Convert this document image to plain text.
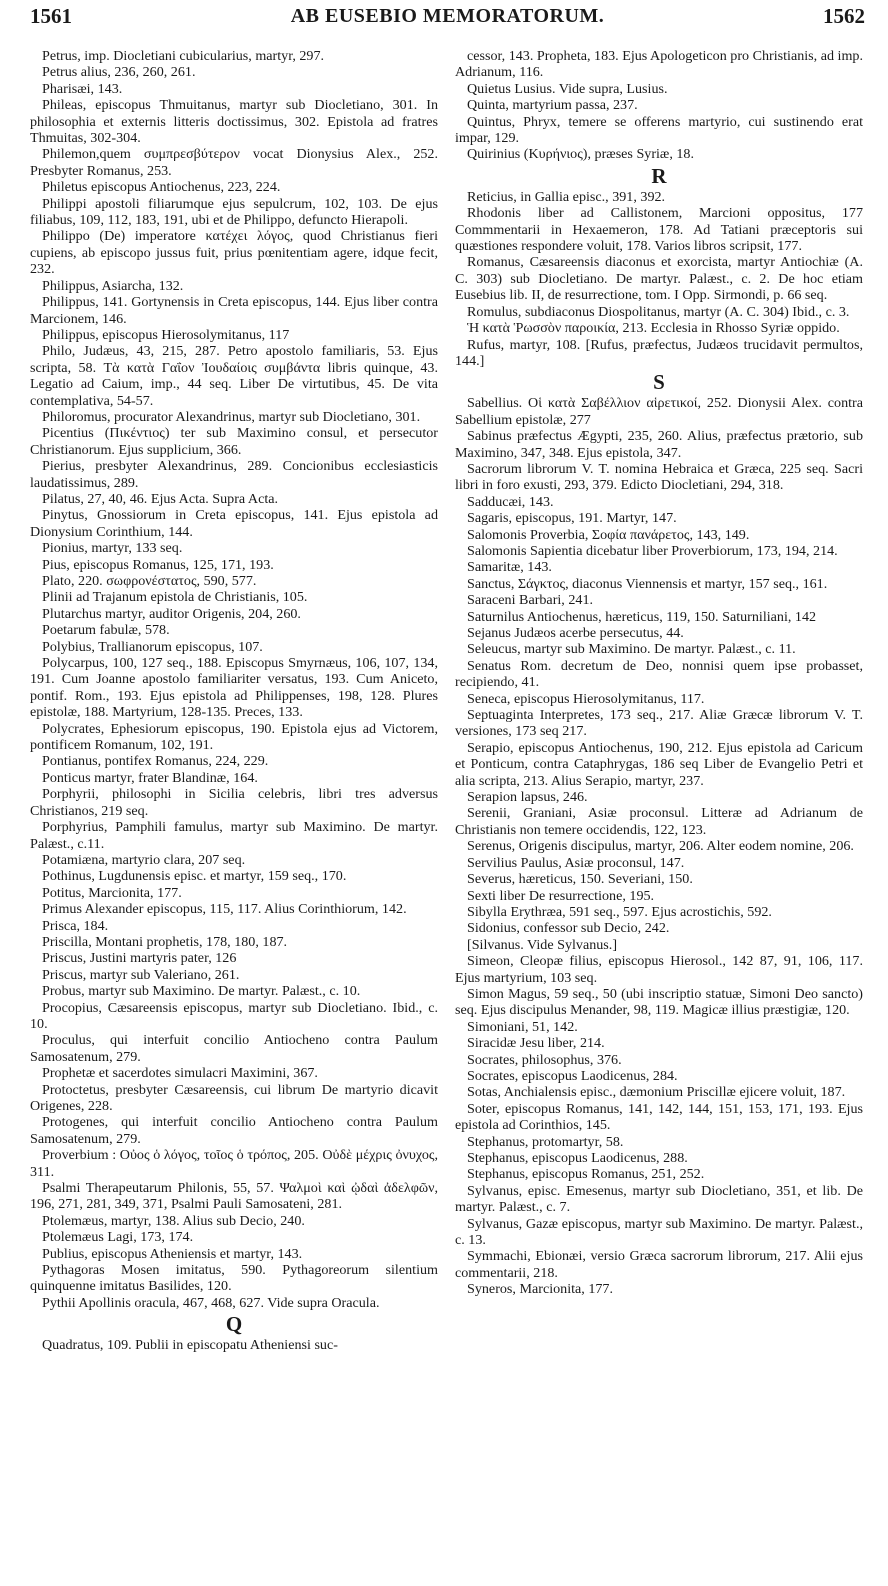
1561	AB EUSEBIO MEMORATORUM.	1562
Petrus, imp. Diocletiani cubicularius, martyr, 297.
Petrus alius, 236, 260, 261.
Pharisæi, 143.
Phileas, episcopus Thmuitanus, martyr sub Diocletiano, 301. In philosophia et externis litteris doctissimus, 302. Epistola ad fratres Thmuitas, 302-304.
Philemon,quem συμπρεσβύτερον vocat Dionysius Alex., 252. Presbyter Romanus, 253.
Philetus episcopus Antiochenus, 223, 224.
Philippi apostoli filiarumque ejus sepulcrum, 102, 103. De ejus filiabus, 109, 112, 183, 191, ubi et de Philippo, defuncto Hierapoli.
Philippo (De) imperatore κατέχει λόγος, quod Christianus fieri cupiens, ab episcopo jussus fuit, prius pœnitentiam agere, idque fecit, 232.
Philippus, Asiarcha, 132.
Philippus, 141. Gortynensis in Creta episcopus, 144. Ejus liber contra Marcionem, 146.
Philippus, episcopus Hierosolymitanus, 117
Philo, Judæus, 43, 215, 287. Petro apostolo familiaris, 53. Ejus scripta, 58. Τὰ κατὰ Γαΐον Ἰουδαίοις συμβάντα libris quinque, 43. Legatio ad Caium, imp., 44 seq. Liber De virtutibus, 45. De vita contemplativa, 54-57.
Philoromus, procurator Alexandrinus, martyr sub Diocletiano, 301.
Picentius (Πικέντιος) ter sub Maximino consul, et persecutor Christianorum. Ejus supplicium, 366.
Pierius, presbyter Alexandrinus, 289. Concionibus ecclesiasticis laudatissimus, 289.
Pilatus, 27, 40, 46. Ejus Acta. Supra Acta.
Pinytus, Gnossiorum in Creta episcopus, 141. Ejus epistola ad Dionysium Corinthium, 144.
Pionius, martyr, 133 seq.
Pius, episcopus Romanus, 125, 171, 193.
Plato, 220. σωφρονέστατος, 590, 577.
Plinii ad Trajanum epistola de Christianis, 105.
Plutarchus martyr, auditor Origenis, 204, 260.
Poetarum fabulæ, 578.
Polybius, Trallianorum episcopus, 107.
Polycarpus, 100, 127 seq., 188. Episcopus Smyrnæus, 106, 107, 134, 191. Cum Joanne apostolo familiariter versatus, 193. Cum Aniceto, pontif. Rom., 193. Ejus epistola ad Philippenses, 198, 128. Plures epistolæ, 188. Martyrium, 128-135. Preces, 133.
Polycrates, Ephesiorum episcopus, 190. Epistola ejus ad Victorem, pontificem Romanum, 102, 191.
Pontianus, pontifex Romanus, 224, 229.
Ponticus martyr, frater Blandinæ, 164.
Porphyrii, philosophi in Sicilia celebris, libri tres adversus Christianos, 219 seq.
Porphyrius, Pamphili famulus, martyr sub Maximino. De martyr. Palæst., c.11.
Potamiæna, martyrio clara, 207 seq.
Pothinus, Lugdunensis episc. et martyr, 159 seq., 170.
Potitus, Marcionita, 177.
Primus Alexander episcopus, 115, 117. Alius Corinthiorum, 142.
Prisca, 184.
Priscilla, Montani prophetis, 178, 180, 187.
Priscus, Justini martyris pater, 126
Priscus, martyr sub Valeriano, 261.
Probus, martyr sub Maximino. De martyr. Palæst., c. 10.
Procopius, Cæsareensis episcopus, martyr sub Diocletiano. Ibid., c. 10.
Proculus, qui interfuit concilio Antiocheno contra Paulum Samosatenum, 279.
Prophetæ et sacerdotes simulacri Maximini, 367.
Protoctetus, presbyter Cæsareensis, cui librum De martyrio dicavit Origenes, 228.
Protogenes, qui interfuit concilio Antiocheno contra Paulum Samosatenum, 279.
Proverbium : Οὐος ὁ λόγος, τοῖος ὁ τρόπος, 205. Οὐδὲ μέχρις ὀνυχος, 311.
Psalmi Therapeutarum Philonis, 55, 57. Ψαλμοὶ καὶ ᾠδαὶ ἀδελφῶν, 196, 271, 281, 349, 371, Psalmi Pauli Samosateni, 281.
Ptolemæus, martyr, 138. Alius sub Decio, 240.
Ptolemæus Lagi, 173, 174.
Publius, episcopus Atheniensis et martyr, 143.
Pythagoras Mosen imitatus, 590. Pythagoreorum silentium quinquenne imitatus Basilides, 120.
Pythii Apollinis oracula, 467, 468, 627. Vide supra Oracula.
Q
Quadratus, 109. Publii in episcopatu Atheniensi suc-
cessor, 143. Propheta, 183. Ejus Apologeticon pro Christianis, ad imp. Adrianum, 116.
Quietus Lusius. Vide supra, Lusius.
Quinta, martyrium passa, 237.
Quintus, Phryx, temere se offerens martyrio, cui sustinendo erat impar, 129.
Quirinius (Κυρήνιος), præses Syriæ, 18.
R
Reticius, in Gallia episc., 391, 392.
Rhodonis liber ad Callistonem, Marcioni oppositus, 177 Commmentarii in Hexaemeron, 178. Ad Tatiani præceptoris sui quæstiones respondere voluit, 178. Varios libros scripsit, 177.
Romanus, Cæsareensis diaconus et exorcista, martyr Antiochiæ (A. C. 303) sub Diocletiano. De martyr. Palæst., c. 2. De hoc etiam Eusebius lib. II, de resurrectione, tom. I Opp. Sirmondi, p. 66 seq.
Romulus, subdiaconus Diospolitanus, martyr (A. C. 304) Ibid., c. 3.
Ἡ κατὰ Ῥωσσὸν παροικία, 213. Ecclesia in Rhosso Syriæ oppido.
Rufus, martyr, 108. [Rufus, præfectus, Judæos trucidavit permultos, 144.]
S
Sabellius. Οἱ κατὰ Σαβέλλιον αἱρετικοί, 252. Dionysii Alex. contra Sabellium epistolæ, 277
Sabinus præfectus Ægypti, 235, 260. Alius, præfectus prætorio, sub Maximino, 347, 348. Ejus epistola, 347.
Sacrorum librorum V. T. nomina Hebraica et Græca, 225 seq. Sacri libri in foro exusti, 293, 379. Edicto Diocletiani, 294, 318.
Sadducæi, 143.
Sagaris, episcopus, 191. Martyr, 147.
Salomonis Proverbia, Σοφία πανάρετος, 143, 149.
Salomonis Sapientia dicebatur liber Proverbiorum, 173, 194, 214.
Samaritæ, 143.
Sanctus, Σάγκτος, diaconus Viennensis et martyr, 157 seq., 161.
Saraceni Barbari, 241.
Saturnilus Antiochenus, hæreticus, 119, 150. Saturniliani, 142
Sejanus Judæos acerbe persecutus, 44.
Seleucus, martyr sub Maximino. De martyr. Palæst., c. 11.
Senatus Rom. decretum de Deo, nonnisi quem ipse probasset, recipiendo, 41.
Seneca, episcopus Hierosolymitanus, 117.
Septuaginta Interpretes, 173 seq., 217. Aliæ Græcæ librorum V. T. versiones, 173 seq 217.
Serapio, episcopus Antiochenus, 190, 212. Ejus epistola ad Caricum et Ponticum, contra Cataphrygas, 186 seq Liber de Evangelio Petri et alia scripta, 213. Alius Serapio, martyr, 237.
Serapion lapsus, 246.
Serenii, Graniani, Asiæ proconsul. Litteræ ad Adrianum de Christianis non temere occidendis, 122, 123.
Serenus, Origenis discipulus, martyr, 206. Alter eodem nomine, 206.
Servilius Paulus, Asiæ proconsul, 147.
Severus, hæreticus, 150. Severiani, 150.
Sexti liber De resurrectione, 195.
Sibylla Erythræa, 591 seq., 597. Ejus acrostichis, 592.
Sidonius, confessor sub Decio, 242.
[Silvanus. Vide Sylvanus.]
Simeon, Cleopæ filius, episcopus Hierosol., 142 87, 91, 106, 117. Ejus martyrium, 103 seq.
Simon Magus, 59 seq., 50 (ubi inscriptio statuæ, Simoni Deo sancto) seq. Ejus discipulus Menander, 98, 119. Magicæ illius præstigiæ, 120.
Simoniani, 51, 142.
Siracidæ Jesu liber, 214.
Socrates, philosophus, 376.
Socrates, episcopus Laodicenus, 284.
Sotas, Anchialensis episc., dæmonium Priscillæ ejicere voluit, 187.
Soter, episcopus Romanus, 141, 142, 144, 151, 153, 171, 193. Ejus epistola ad Corinthios, 145.
Stephanus, protomartyr, 58.
Stephanus, episcopus Laodicenus, 288.
Stephanus, episcopus Romanus, 251, 252.
Sylvanus, episc. Emesenus, martyr sub Diocletiano, 351, et lib. De martyr. Palæst., c. 7.
Sylvanus, Gazæ episcopus, martyr sub Maximino. De martyr. Palæst., c. 13.
Symmachi, Ebionæi, versio Græca sacrorum librorum, 217. Alii ejus commentarii, 218.
Syneros, Marcionita, 177.
